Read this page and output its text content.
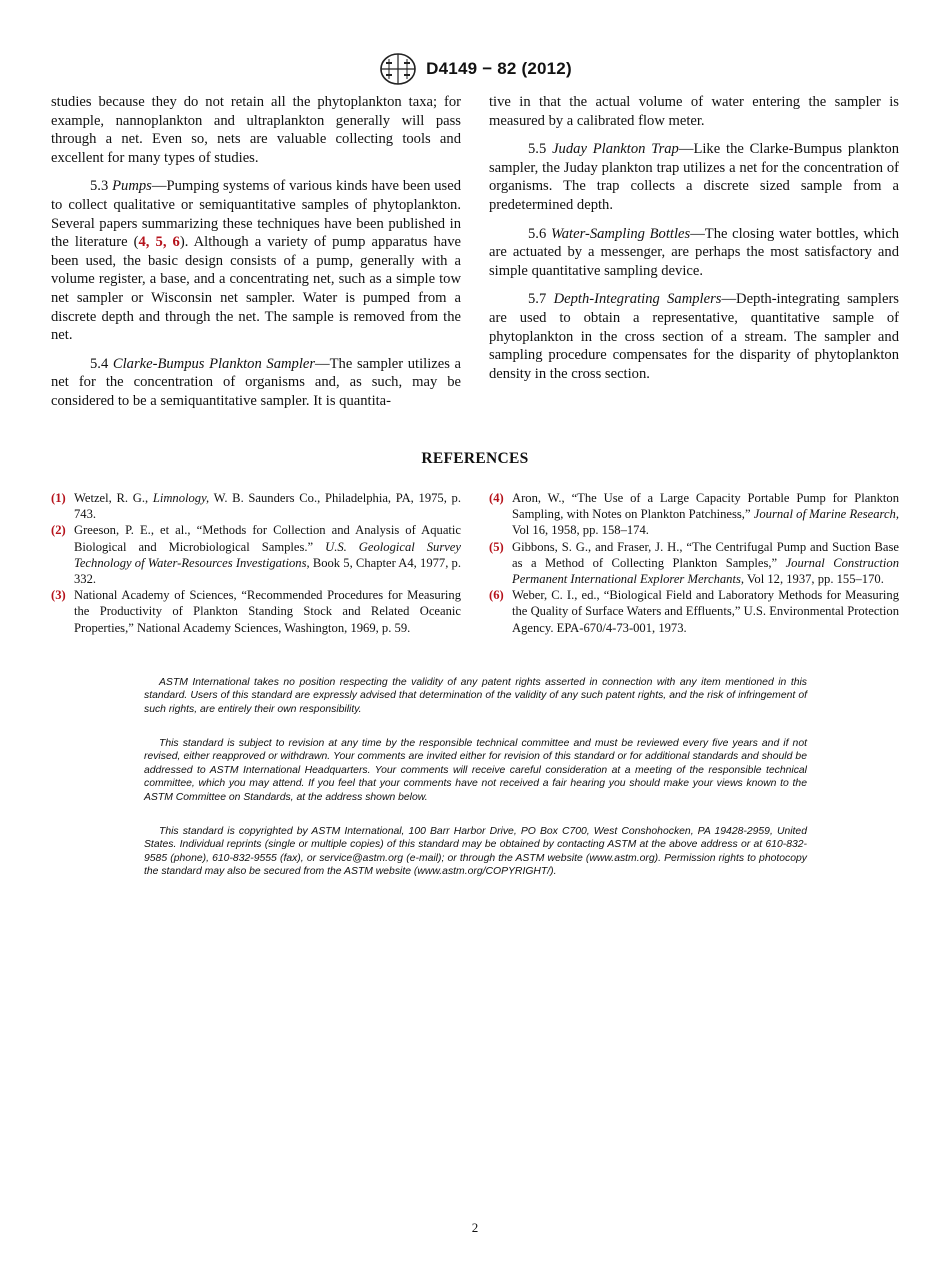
D4149 − 82 (2012)

studies because they do not retain all the phytoplankton taxa; for example, nannoplankton and ultraplankton generally will pass through a net. Even so, nets are valuable collecting tools and excellent for many types of studies.

5.3 Pumps—Pumping systems of various kinds have been used to collect qualitative or semiquantitative samples of phytoplankton. Several papers summarizing these techniques have been published in the literature (4, 5, 6). Although a variety of pump apparatus have been used, the basic design consists of a pump, generally with a volume register, a base, and a concentrating net, such as a simple tow net sampler or Wisconsin net sampler. Water is pumped from a discrete depth and through the net. The sample is removed from the net.

5.4 Clarke-Bumpus Plankton Sampler—The sampler utilizes a net for the concentration of organisms and, as such, may be considered to be a semiquantitative sampler. It is quantita-

tive in that the actual volume of water entering the sampler is measured by a calibrated flow meter.

5.5 Juday Plankton Trap—Like the Clarke-Bumpus plankton sampler, the Juday plankton trap utilizes a net for the concentration of organisms. The trap collects a discrete sized sample from a predetermined depth.

5.6 Water-Sampling Bottles—The closing water bottles, which are actuated by a messenger, are perhaps the most satisfactory and simple quantitative sampling device.

5.7 Depth-Integrating Samplers—Depth-integrating samplers are used to obtain a representative, quantitative sample of phytoplankton in the cross section of a stream. The sampler and sampling procedure compensates for the disparity of phytoplankton density in the cross section.

REFERENCES
(1) Wetzel, R. G., Limnology, W. B. Saunders Co., Philadelphia, PA, 1975, p. 743.
(2) Greeson, P. E., et al., “Methods for Collection and Analysis of Aquatic Biological and Microbiological Samples.” U.S. Geological Survey Technology of Water-Resources Investigations, Book 5, Chapter A4, 1977, p. 332.
(3) National Academy of Sciences, “Recommended Procedures for Measuring the Productivity of Plankton Standing Stock and Related Oceanic Properties,” National Academy Sciences, Washington, 1969, p. 59.
(4) Aron, W., “The Use of a Large Capacity Portable Pump for Plankton Sampling, with Notes on Plankton Patchiness,” Journal of Marine Research, Vol 16, 1958, pp. 158–174.
(5) Gibbons, S. G., and Fraser, J. H., “The Centrifugal Pump and Suction Base as a Method of Collecting Plankton Samples,” Journal Construction Permanent International Explorer Merchants, Vol 12, 1937, pp. 155–170.
(6) Weber, C. I., ed., “Biological Field and Laboratory Methods for Measuring the Quality of Surface Waters and Effluents,” U.S. Environmental Protection Agency. EPA-670/4-73-001, 1973.
ASTM International takes no position respecting the validity of any patent rights asserted in connection with any item mentioned in this standard. Users of this standard are expressly advised that determination of the validity of any such patent rights, and the risk of infringement of such rights, are entirely their own responsibility.
This standard is subject to revision at any time by the responsible technical committee and must be reviewed every five years and if not revised, either reapproved or withdrawn. Your comments are invited either for revision of this standard or for additional standards and should be addressed to ASTM International Headquarters. Your comments will receive careful consideration at a meeting of the responsible technical committee, which you may attend. If you feel that your comments have not received a fair hearing you should make your views known to the ASTM Committee on Standards, at the address shown below.
This standard is copyrighted by ASTM International, 100 Barr Harbor Drive, PO Box C700, West Conshohocken, PA 19428-2959, United States. Individual reprints (single or multiple copies) of this standard may be obtained by contacting ASTM at the above address or at 610-832-9585 (phone), 610-832-9555 (fax), or service@astm.org (e-mail); or through the ASTM website (www.astm.org). Permission rights to photocopy the standard may also be secured from the ASTM website (www.astm.org/COPYRIGHT/).
2
